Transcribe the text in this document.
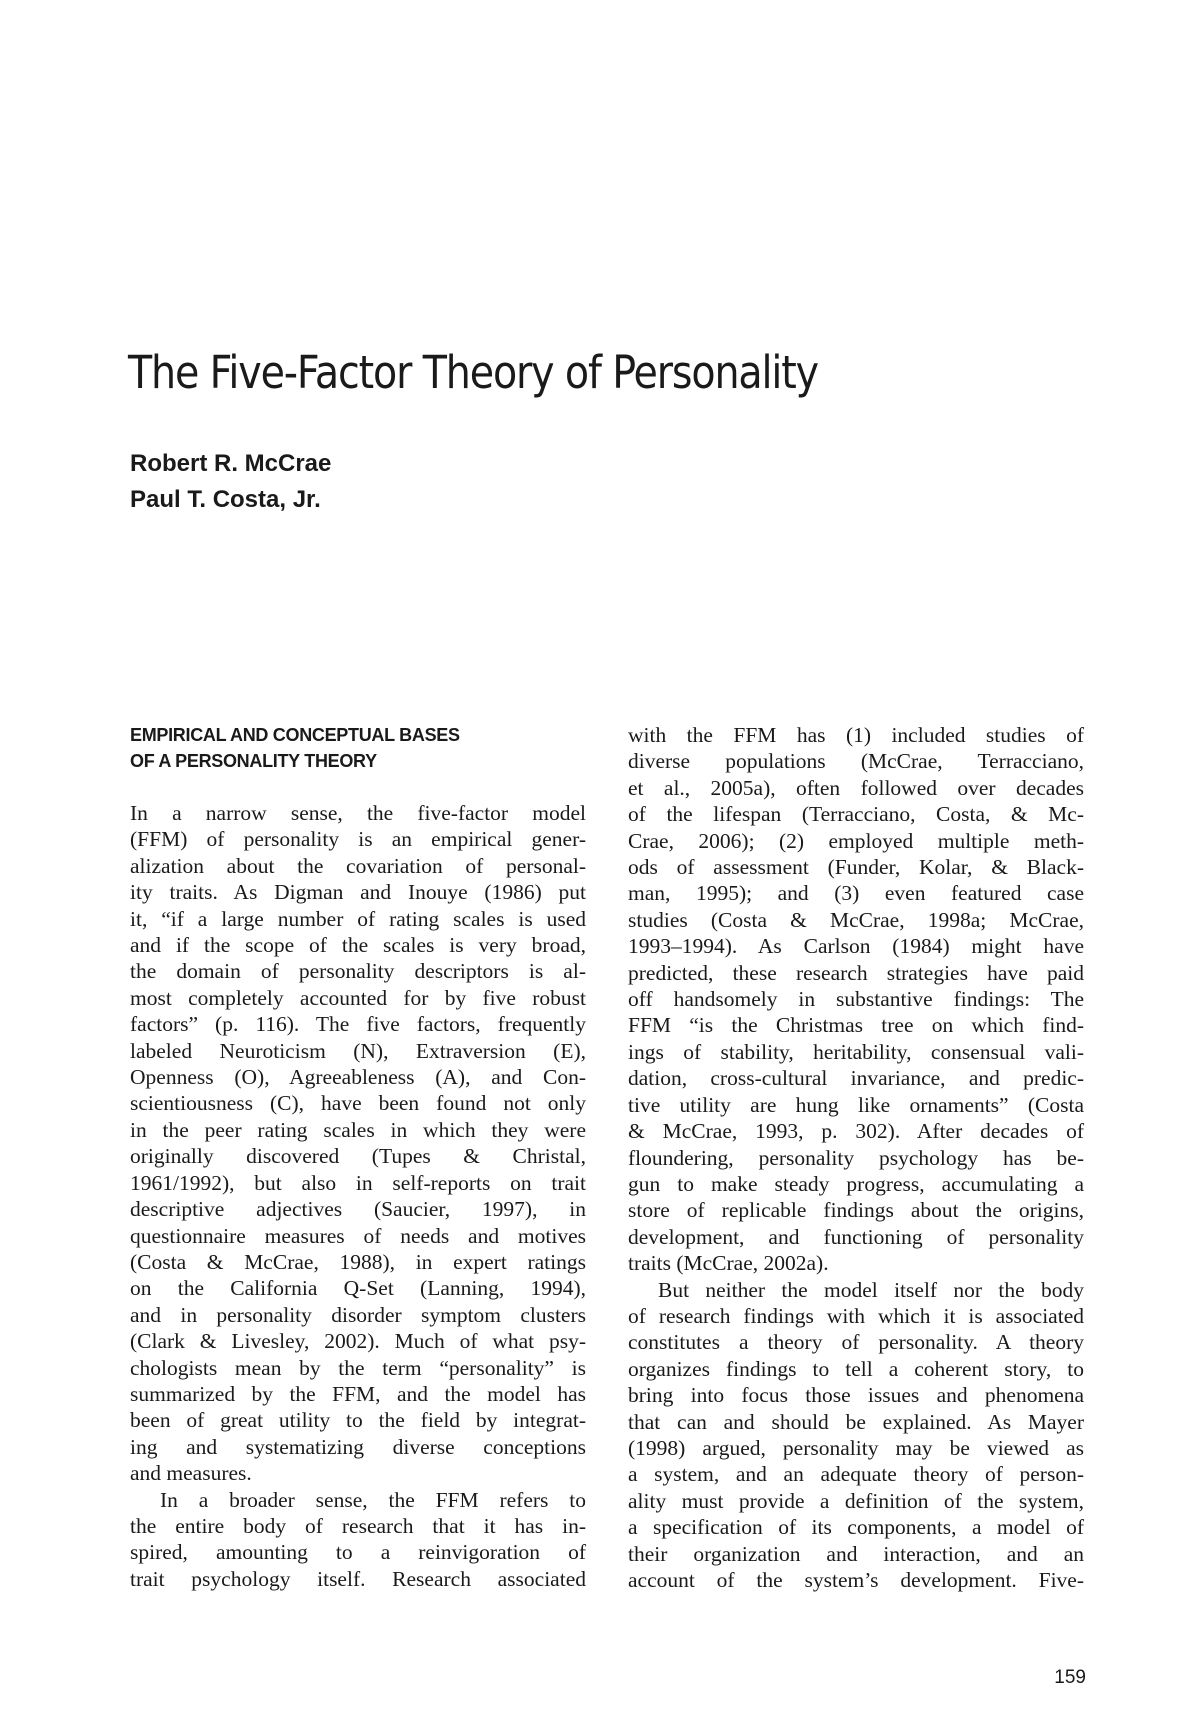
The Five-Factor Theory of Personality
Robert R. McCrae
Paul T. Costa, Jr.
EMPIRICAL AND CONCEPTUAL BASES
OF A PERSONALITY THEORY
In a narrow sense, the five-factor model
(FFM) of personality is an empirical gener-
alization about the covariation of personal-
ity traits. As Digman and Inouye (1986) put
it, “if a large number of rating scales is used
and if the scope of the scales is very broad,
the domain of personality descriptors is al-
most completely accounted for by five robust
factors” (p. 116). The five factors, frequently
labeled Neuroticism (N), Extraversion (E),
Openness (O), Agreeableness (A), and Con-
scientiousness (C), have been found not only
in the peer rating scales in which they were
originally discovered (Tupes & Christal,
1961/1992), but also in self-reports on trait
descriptive adjectives (Saucier, 1997), in
questionnaire measures of needs and motives
(Costa & McCrae, 1988), in expert ratings
on the California Q-Set (Lanning, 1994),
and in personality disorder symptom clusters
(Clark & Livesley, 2002). Much of what psy-
chologists mean by the term “personality” is
summarized by the FFM, and the model has
been of great utility to the field by integrat-
ing and systematizing diverse conceptions
and measures.
In a broader sense, the FFM refers to
the entire body of research that it has in-
spired, amounting to a reinvigoration of
trait psychology itself. Research associated
with the FFM has (1) included studies of
diverse populations (McCrae, Terracciano,
et al., 2005a), often followed over decades
of the lifespan (Terracciano, Costa, & Mc-
Crae, 2006); (2) employed multiple meth-
ods of assessment (Funder, Kolar, & Black-
man, 1995); and (3) even featured case
studies (Costa & McCrae, 1998a; McCrae,
1993–1994). As Carlson (1984) might have
predicted, these research strategies have paid
off handsomely in substantive findings: The
FFM “is the Christmas tree on which find-
ings of stability, heritability, consensual vali-
dation, cross-cultural invariance, and predic-
tive utility are hung like ornaments” (Costa
& McCrae, 1993, p. 302). After decades of
floundering, personality psychology has be-
gun to make steady progress, accumulating a
store of replicable findings about the origins,
development, and functioning of personality
traits (McCrae, 2002a).
But neither the model itself nor the body
of research findings with which it is associated
constitutes a theory of personality. A theory
organizes findings to tell a coherent story, to
bring into focus those issues and phenomena
that can and should be explained. As Mayer
(1998) argued, personality may be viewed as
a system, and an adequate theory of person-
ality must provide a definition of the system,
a specification of its components, a model of
their organization and interaction, and an
account of the system’s development. Five-
159
